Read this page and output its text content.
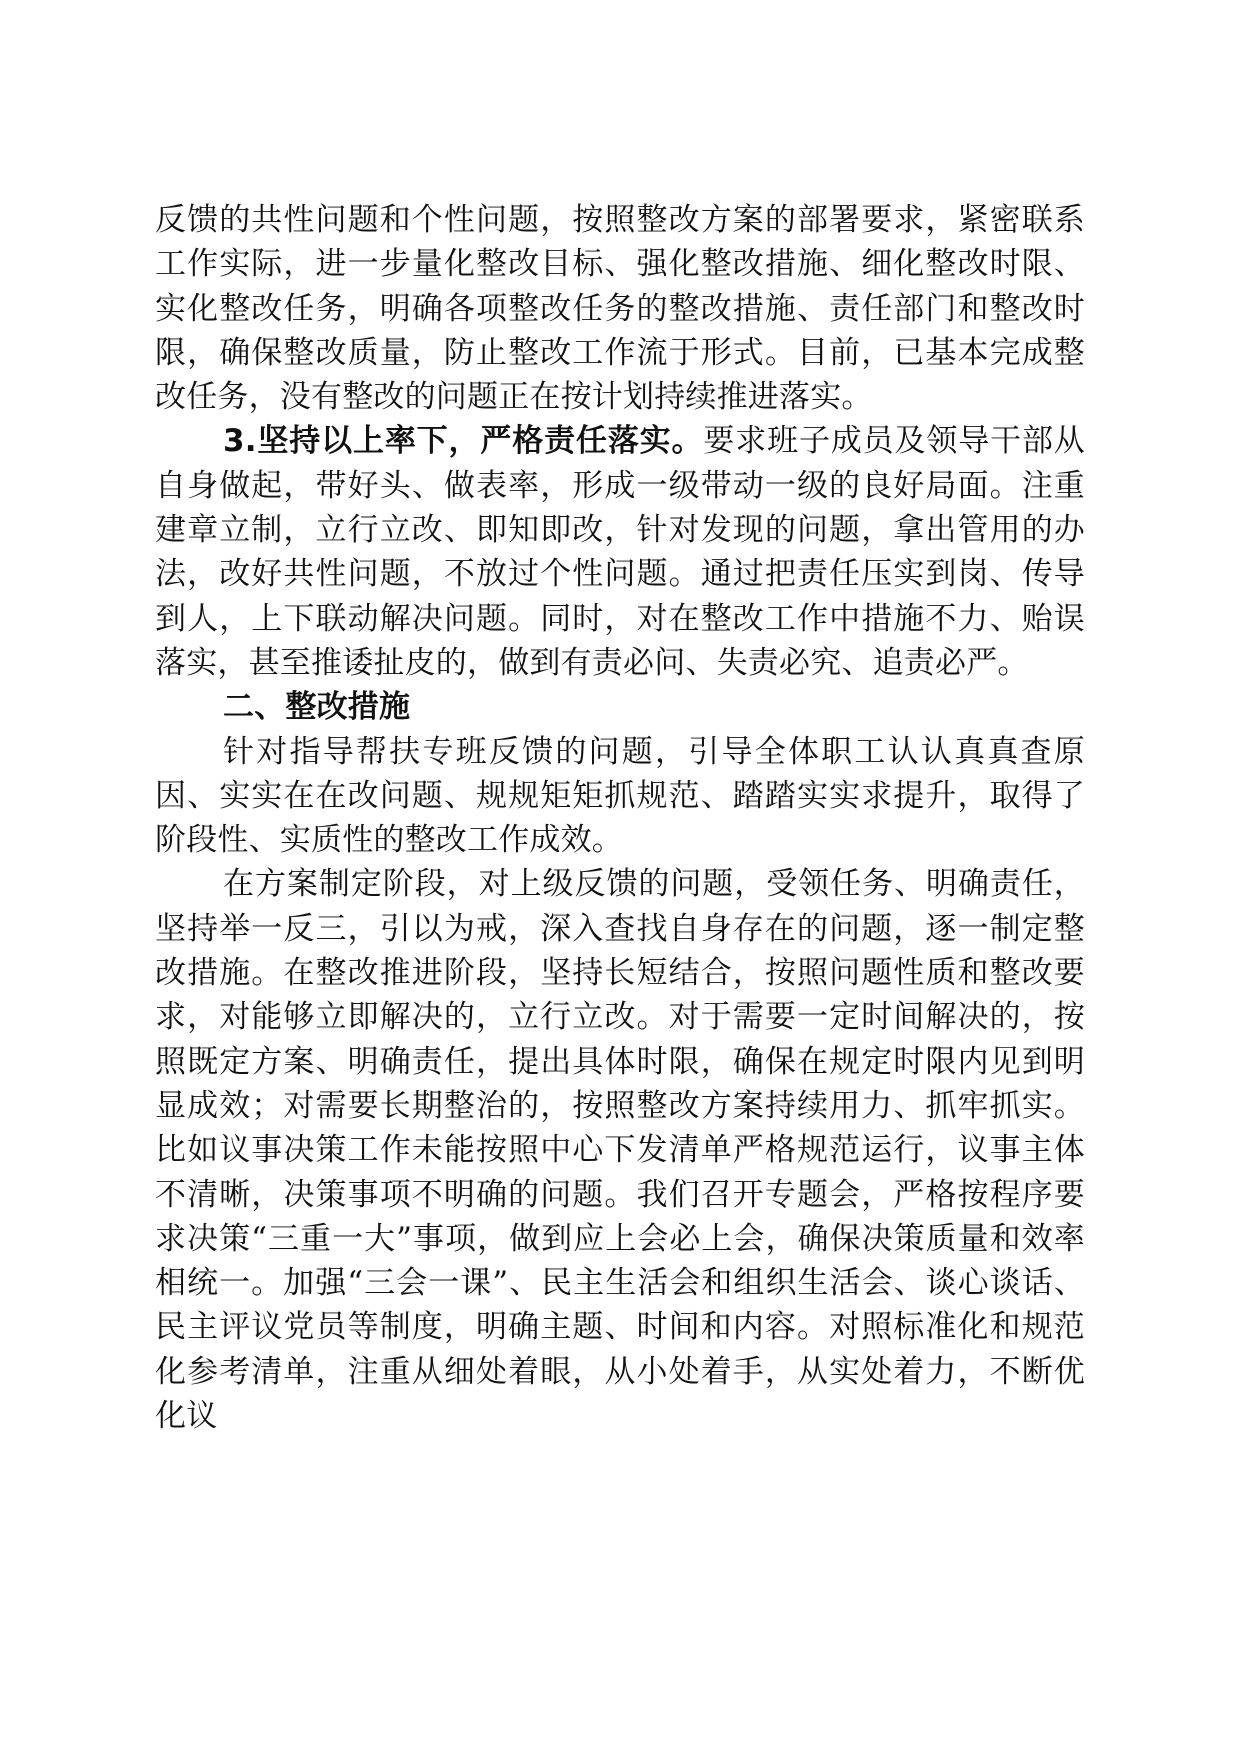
反馈的共性问题和个性问题，按照整改方案的部署要求，紧密联系工作实际，进一步量化整改目标、强化整改措施、细化整改时限、实化整改任务，明确各项整改任务的整改措施、责任部门和整改时限，确保整改质量，防止整改工作流于形式。目前，已基本完成整改任务，没有整改的问题正在按计划持续推进落实。

3.坚持以上率下，严格责任落实。要求班子成员及领导干部从自身做起，带好头、做表率，形成一级带动一级的良好局面。注重建章立制，立行立改、即知即改，针对发现的问题，拿出管用的办法，改好共性问题，不放过个性问题。通过把责任压实到岗、传导到人，上下联动解决问题。同时，对在整改工作中措施不力、贻误落实，甚至推诿扯皮的，做到有责必问、失责必究、追责必严。

二、整改措施

针对指导帮扶专班反馈的问题，引导全体职工认认真真查原因、实实在在改问题、规规矩矩抓规范、踏踏实实求提升，取得了阶段性、实质性的整改工作成效。

在方案制定阶段，对上级反馈的问题，受领任务、明确责任，坚持举一反三，引以为戒，深入查找自身存在的问题，逐一制定整改措施。在整改推进阶段，坚持长短结合，按照问题性质和整改要求，对能够立即解决的，立行立改。对于需要一定时间解决的，按照既定方案、明确责任，提出具体时限，确保在规定时限内见到明显成效；对需要长期整治的，按照整改方案持续用力、抓牢抓实。比如议事决策工作未能按照中心下发清单严格规范运行，议事主体不清晰，决策事项不明确的问题。我们召开专题会，严格按程序要求决策“三重一大”事项，做到应上会必上会，确保决策质量和效率相统一。加强“三会一课”、民主生活会和组织生活会、谈心谈话、民主评议党员等制度，明确主题、时间和内容。对照标准化和规范化参考清单，注重从细处着眼，从小处着手，从实处着力，不断优化议
